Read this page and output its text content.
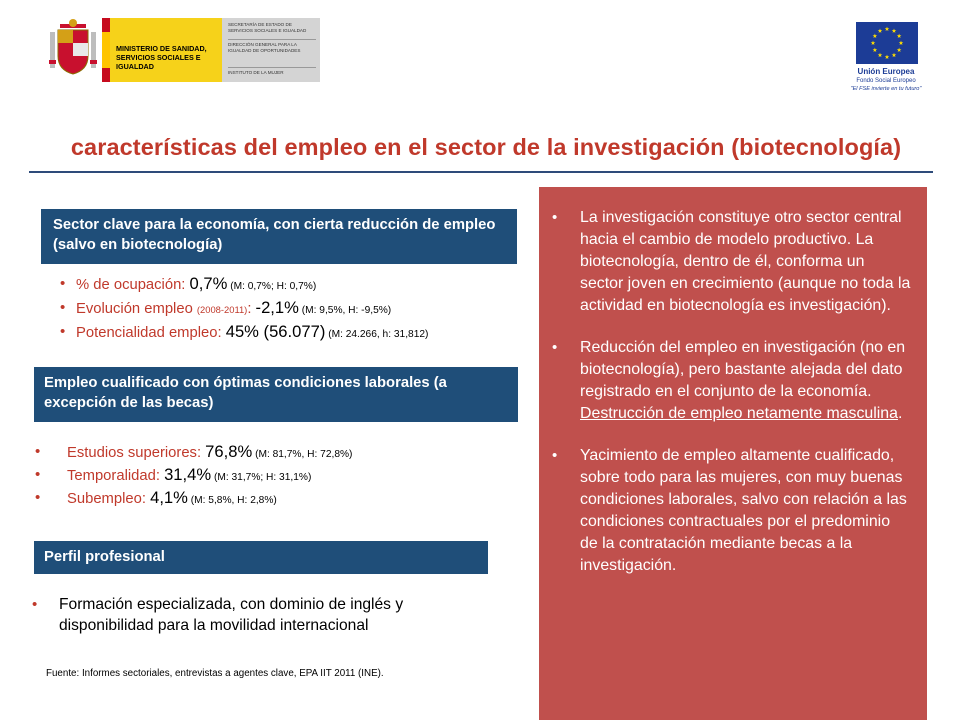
MINISTERIO DE SANIDAD, SERVICIOS SOCIALES E IGUALDAD
SECRETARÍA DE ESTADO DE SERVICIOS SOCIALES E IGUALDAD
DIRECCIÓN GENERAL PARA LA IGUALDAD DE OPORTUNIDADES
INSTITUTO DE LA MUJER	Unión Europea
Fondo Social Europeo
"El FSE invierte en tu futuro"
características del empleo en el sector de la investigación (biotecnología)
Sector clave para la economía, con cierta reducción de empleo (salvo en biotecnología)
• % de ocupación: 0,7% (M: 0,7%; H: 0,7%)
• Evolución empleo (2008-2011): -2,1% (M: 9,5%, H: -9,5%)
• Potencialidad empleo: 45% (56.077) (M: 24.266, h: 31,812)
Empleo cualificado con óptimas condiciones laborales (a excepción de las becas)
• Estudios superiores: 76,8% (M: 81,7%, H: 72,8%)
• Temporalidad: 31,4% (M: 31,7%; H: 31,1%)
• Subempleo: 4,1% (M: 5,8%, H: 2,8%)
Perfil profesional
• Formación especializada, con dominio de inglés y disponibilidad para la movilidad internacional
Fuente: Informes sectoriales, entrevistas a agentes clave, EPA IIT 2011 (INE).
• La investigación constituye otro sector central hacia el cambio de modelo productivo. La biotecnología, dentro de él, conforma un sector joven en crecimiento (aunque no toda la actividad en biotecnología es investigación).
• Reducción del empleo en investigación (no en biotecnología), pero bastante alejada del dato registrado en el conjunto de la economía. Destrucción de empleo netamente masculina.
• Yacimiento de empleo altamente cualificado, sobre todo para las mujeres, con muy buenas condiciones laborales, salvo con relación a las condiciones contractuales por el predominio de la contratación mediante becas a la investigación.
